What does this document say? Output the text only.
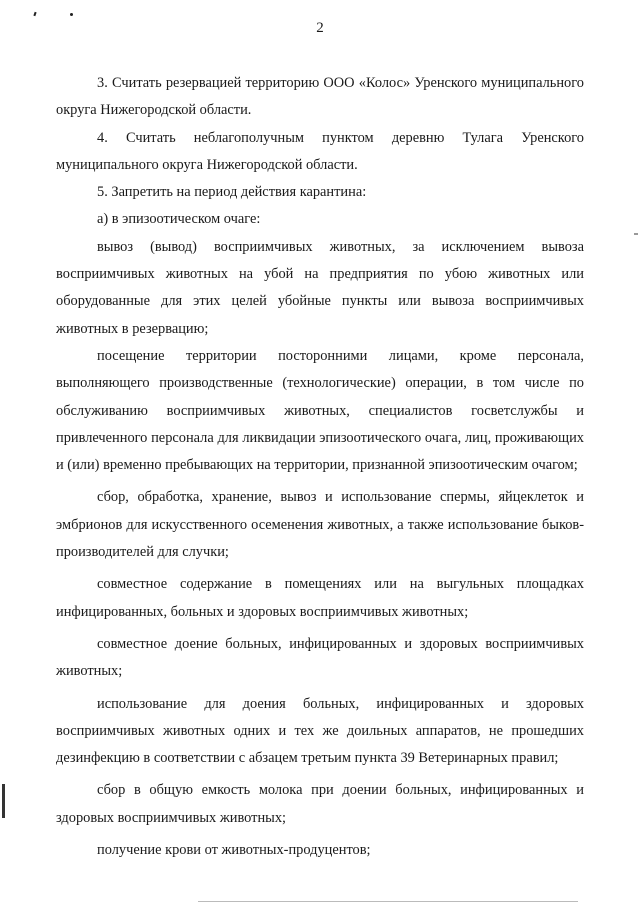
2

3. Считать резервацией территорию ООО «Колос» Уренского муниципального округа Нижегородской области.

4. Считать неблагополучным пунктом деревню Тулага Уренского муниципального округа Нижегородской области.

5. Запретить на период действия карантина:

а) в эпизоотическом очаге:

вывоз (вывод) восприимчивых животных, за исключением вывоза восприимчивых животных на убой на предприятия по убою животных или оборудованные для этих целей убойные пункты или вывоза восприимчивых животных в резервацию;

посещение территории посторонними лицами, кроме персонала, выполняющего производственные (технологические) операции, в том числе по обслуживанию восприимчивых животных, специалистов госветслужбы и привлеченного персонала для ликвидации эпизоотического очага, лиц, проживающих и (или) временно пребывающих на территории, признанной эпизоотическим очагом;

сбор, обработка, хранение, вывоз и использование спермы, яйцеклеток и эмбрионов для искусственного осеменения животных, а также использование быков-производителей для случки;

совместное содержание в помещениях или на выгульных площадках инфицированных, больных и здоровых восприимчивых животных;

совместное доение больных, инфицированных и здоровых восприимчивых животных;

использование для доения больных, инфицированных и здоровых восприимчивых животных одних и тех же доильных аппаратов, не прошедших дезинфекцию в соответствии с абзацем третьим пункта 39 Ветеринарных правил;

сбор в общую емкость молока при доении больных, инфицированных и здоровых восприимчивых животных;

получение крови от животных-продуцентов;
